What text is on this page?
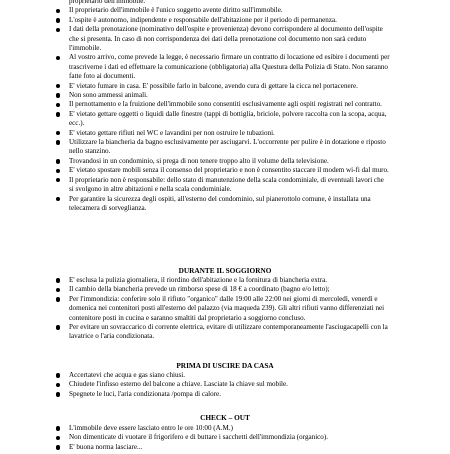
proprietario dell'immobile.
Il proprietario dell'immobile è l'unico soggetto avente diritto sull'immobile.
L'ospite è autonomo, indipendente e responsabile dell'abitazione per il periodo di permanenza.
I dati della prenotazione (nominativo dell'ospite e provenienza) devono corrispondere al documento dell'ospite che si presenta. In caso di non corrispondenza dei dati della prenotazione col documento non sarà ceduto l'immobile.
Al vostro arrivo, come prevede la legge, è necessario firmare un contratto di locazione ed esibire i documenti per trascriverne i dati ed effettuare la comunicazione (obbligatoria) alla Questura della Polizia di Stato. Non saranno fatte foto ai documenti.
E' vietato fumare in casa. E' possibile farlo in balcone, avendo cura di gettare la cicca nel portacenere.
Non sono ammessi animali.
Il pernottamento e la fruizione dell'immobile sono consentiti esclusivamente agli ospiti registrati nel contratto.
E' vietato gettare oggetti o liquidi dalle finestre (tappi di bottiglia, briciole, polvere raccolta con la scopa, acqua, ecc.).
E' vietato gettare rifiuti nel WC e lavandini per non ostruire le tubazioni.
Utilizzare la biancheria da bagno esclusivamente per asciugarvi. L'occorrente per pulire è in dotazione e riposto nello stanzino.
Trovandosi in un condominio, si prega di non tenere troppo alto il volume della televisione.
E' vietato spostare mobili senza il consenso del proprietario e non è consentito staccare il modem wi-fi dal muro.
Il proprietario non è responsabile: dello stato di manutenzione della scala condominiale, di eventuali lavori che si svolgono in altre abitazioni e nella scala condominiale.
Per garantire la sicurezza degli ospiti, all'esterno del condominio, sul pianerottolo comune, è installata una telecamera di sorveglianza.
DURANTE IL SOGGIORNO
E' esclusa la pulizia giornaliera, il riordino dell'abitazione e la fornitura di biancheria extra.
Il cambio della biancheria prevede un rimborso spese di 18 € a coordinato (bagno e/o letto);
Per l'immondizia: conferire solo il rifiuto "organico" dalle 19:00 alle 22:00 nei giorni di mercoledì, venerdì e domenica nei contenitori posti all'esterno del palazzo (via maqueda 239). Gli altri rifiuti vanno differenziati nei contenitore posti in cucina e saranno smaltiti dal proprietario a soggiorno concluso.
Per evitare un sovraccarico di corrente elettrica, evitare di utilizzare contemporaneamente l'asciugacapelli con la lavatrice o l'aria condizionata.
PRIMA DI USCIRE DA CASA
Accertatevi che acqua e gas siano chiusi.
Chiudete l'infisso esterno del balcone a chiave. Lasciate la chiave sul mobile.
Spegnete le luci, l'aria condizionata /pompa di calore.
CHECK – OUT
L'immobile deve essere lasciato entro le ore 10:00 (A.M.)
Non dimenticate di vuotare il frigorifero e di buttare i sacchetti dell'immondizia (organico).
E' buona norma lasciare...
